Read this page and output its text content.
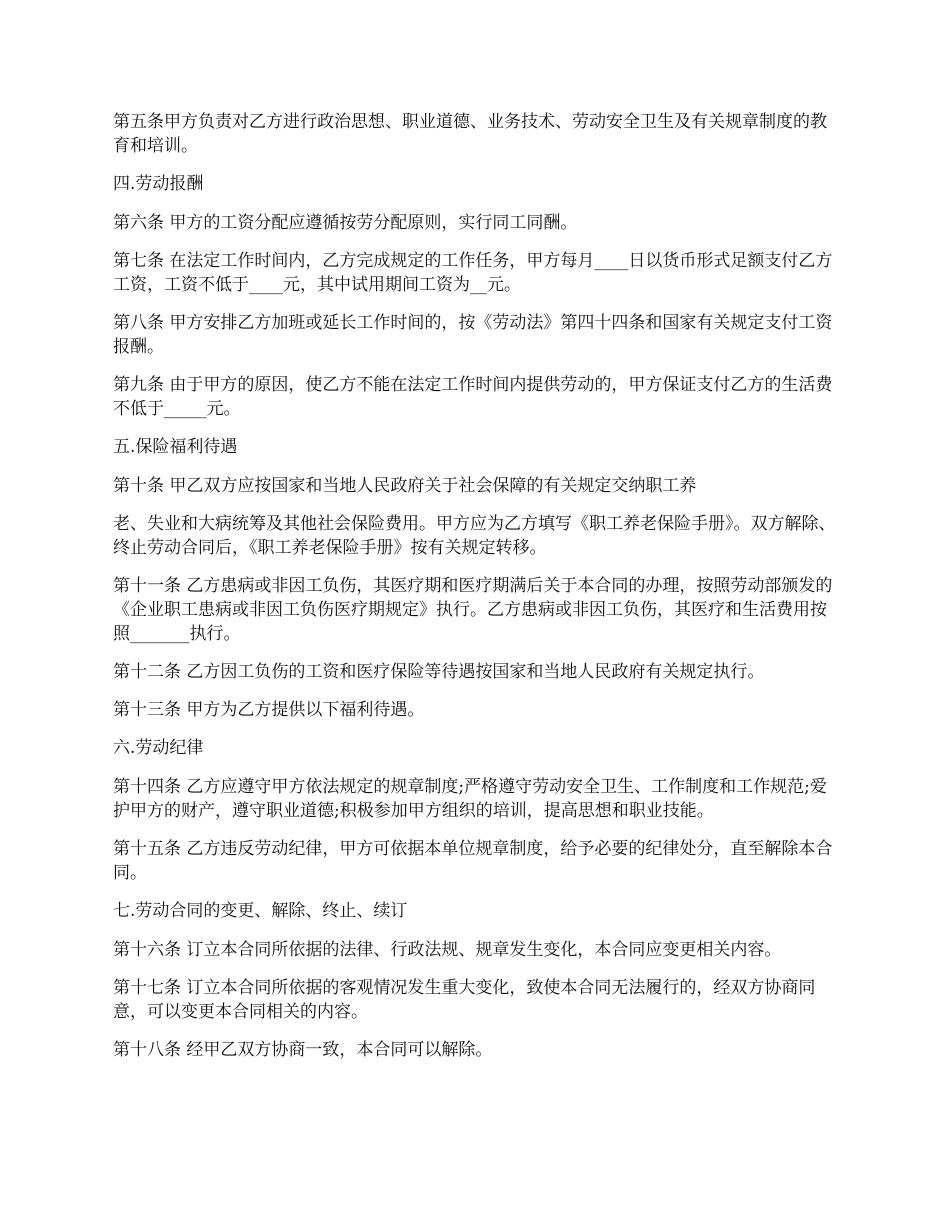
第五条甲方负责对乙方进行政治思想、职业道德、业务技术、劳动安全卫生及有关规章制度的教育和培训。

四.劳动报酬

第六条 甲方的工资分配应遵循按劳分配原则，实行同工同酬。

第七条 在法定工作时间内，乙方完成规定的工作任务，甲方每月____日以货币形式足额支付乙方工资，工资不低于____元，其中试用期间工资为__元。

第八条 甲方安排乙方加班或延长工作时间的，按《劳动法》第四十四条和国家有关规定支付工资报酬。

第九条 由于甲方的原因，使乙方不能在法定工作时间内提供劳动的，甲方保证支付乙方的生活费不低于_____元。

五.保险福利待遇

第十条 甲乙双方应按国家和当地人民政府关于社会保障的有关规定交纳职工养

老、失业和大病统筹及其他社会保险费用。甲方应为乙方填写《职工养老保险手册》。双方解除、终止劳动合同后，《职工养老保险手册》按有关规定转移。

第十一条 乙方患病或非因工负伤，其医疗期和医疗期满后关于本合同的办理，按照劳动部颁发的《企业职工患病或非因工负伤医疗期规定》执行。乙方患病或非因工负伤，其医疗和生活费用按照_______执行。

第十二条 乙方因工负伤的工资和医疗保险等待遇按国家和当地人民政府有关规定执行。

第十三条 甲方为乙方提供以下福利待遇。

六.劳动纪律

第十四条 乙方应遵守甲方依法规定的规章制度;严格遵守劳动安全卫生、工作制度和工作规范;爱护甲方的财产，遵守职业道德;积极参加甲方组织的培训，提高思想和职业技能。

第十五条 乙方违反劳动纪律，甲方可依据本单位规章制度，给予必要的纪律处分，直至解除本合同。

七.劳动合同的变更、解除、终止、续订

第十六条 订立本合同所依据的法律、行政法规、规章发生变化，本合同应变更相关内容。

第十七条 订立本合同所依据的客观情况发生重大变化，致使本合同无法履行的，经双方协商同意，可以变更本合同相关的内容。

第十八条 经甲乙双方协商一致，本合同可以解除。
